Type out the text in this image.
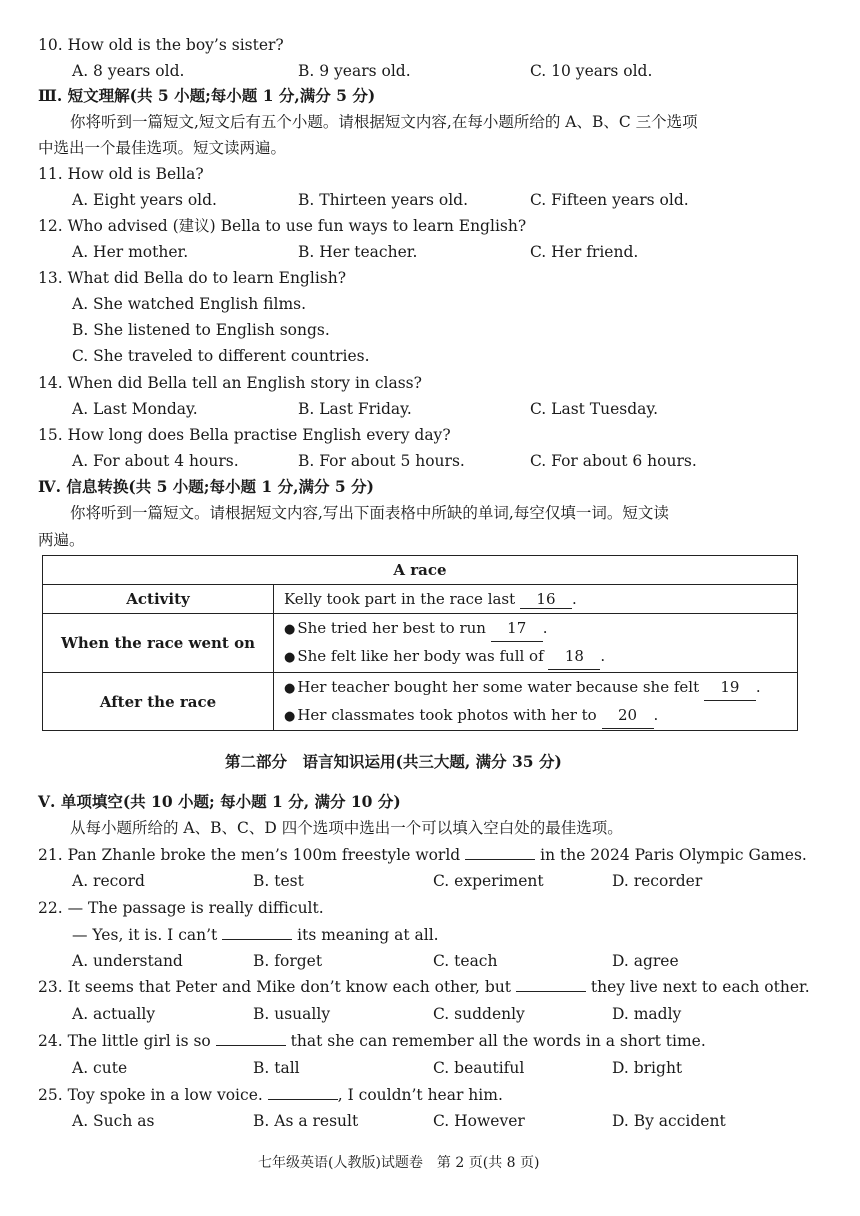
10. How old is the boy’s sister?
A. 8 years old.	B. 9 years old.	C. 10 years old.
Ⅲ. 短文理解(共 5 小题;每小题 1 分,满分 5 分)
你将听到一篇短文,短文后有五个小题。请根据短文内容,在每小题所给的 A、B、C 三个选项
中选出一个最佳选项。短文读两遍。
11. How old is Bella?
A. Eight years old.	B. Thirteen years old.	C. Fifteen years old.
12. Who advised (建议) Bella to use fun ways to learn English?
A. Her mother.	B. Her teacher.	C. Her friend.
13. What did Bella do to learn English?
A. She watched English films.
B. She listened to English songs.
C. She traveled to different countries.
14. When did Bella tell an English story in class?
A. Last Monday.	B. Last Friday.	C. Last Tuesday.
15. How long does Bella practise English every day?
A. For about 4 hours.	B. For about 5 hours.	C. For about 6 hours.
Ⅳ. 信息转换(共 5 小题;每小题 1 分,满分 5 分)
你将听到一篇短文。请根据短文内容,写出下面表格中所缺的单词,每空仅填一词。短文读
两遍。
A race	
Activity	Kelly took part in the race last 16 .
When the race went on	● She tried her best to run 17 .
● She felt like her body was full of 18 .

After the race	● Her teacher bought her some water because she felt 19 .
● Her classmates took photos with her to 20 .
第二部分　语言知识运用(共三大题, 满分 35 分)
Ⅴ. 单项填空(共 10 小题; 每小题 1 分, 满分 10 分)
从每小题所给的 A、B、C、D 四个选项中选出一个可以填入空白处的最佳选项。
21. Pan Zhanle broke the men’s 100m freestyle world	in the 2024 Paris Olympic Games.
A. record	B. test	C. experiment	D. recorder
22. — The passage is really difficult.
— Yes, it is. I can’t	its meaning at all.
A. understand	B. forget	C. teach	D. agree
23. It seems that Peter and Mike don’t know each other, but	they live next to each other.
A. actually	B. usually	C. suddenly	D. madly
24. The little girl is so	that she can remember all the words in a short time.
A. cute	B. tall	C. beautiful	D. bright
25. Toy spoke in a low voice.	, I couldn’t hear him.
A. Such as	B. As a result	C. However	D. By accident
七年级英语(人教版)试题卷　第 2 页(共 8 页)
